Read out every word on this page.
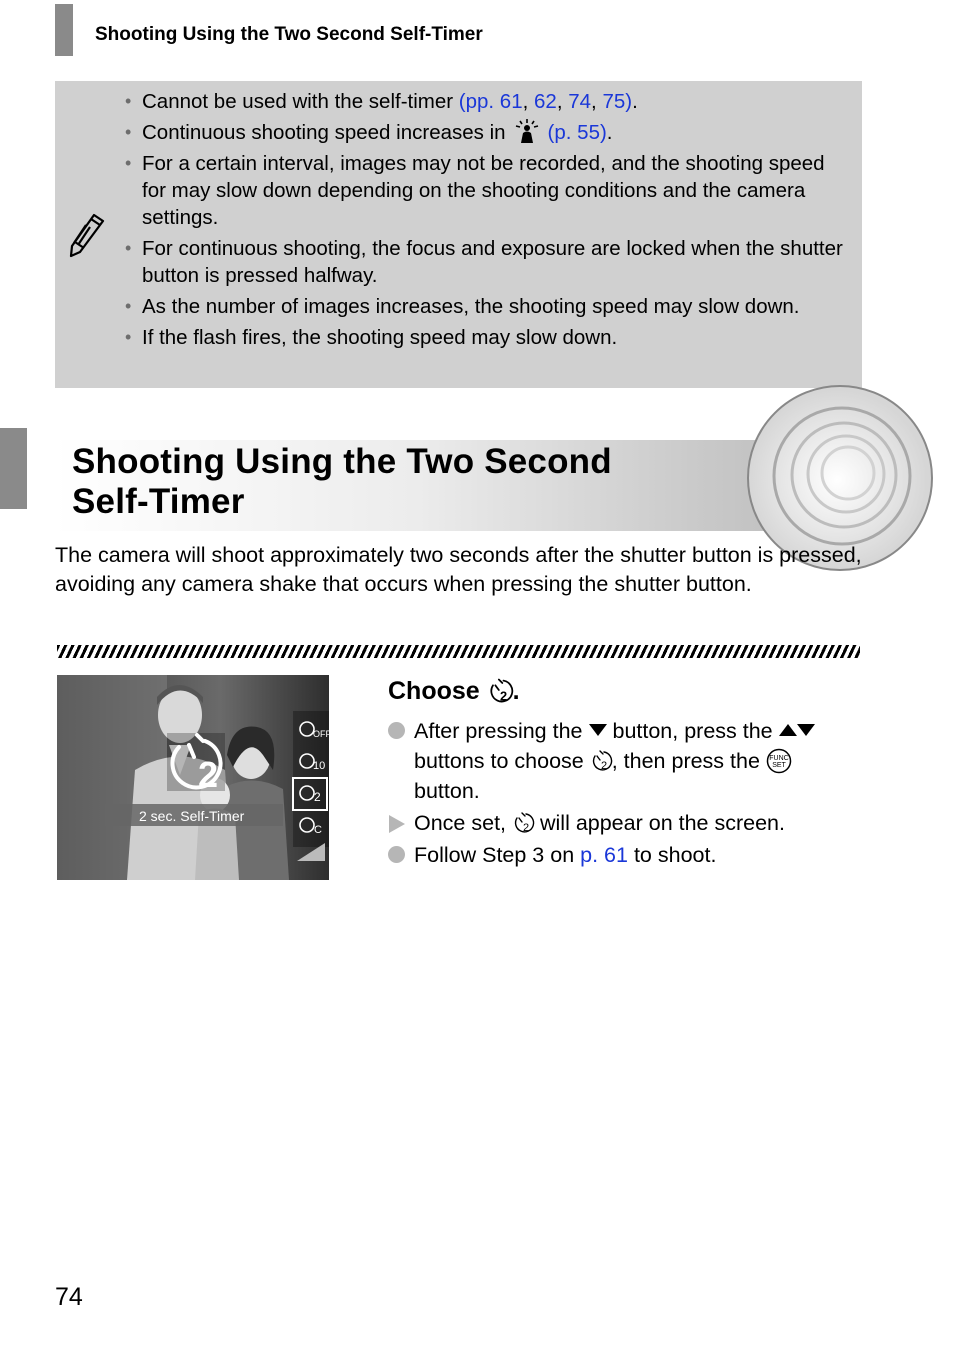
Shooting Using the Two Second Self-Timer
• Cannot be used with the self-timer (pp. 61, 62, 74, 75).
• Continuous shooting speed increases in (p. 55).
• For a certain interval, images may not be recorded, and the shooting speed for may slow down depending on the shooting conditions and the camera settings.
• For continuous shooting, the focus and exposure are locked when the shutter button is pressed halfway.
• As the number of images increases, the shooting speed may slow down.
• If the flash fires, the shooting speed may slow down.
Shooting Using the Two Second
Self-Timer
The camera will shoot approximately two seconds after the shutter button is pressed, avoiding any camera shake that occurs when pressing the shutter button.
2
2 sec. Self-Timer
OFF
10
2
C
Choose 2 .
After pressing the button, press the  buttons to choose 2 , then press the FUNC
SET
button.
Once set, 2 will appear on the screen.
Follow Step 3 on p. 61 to shoot.
74
